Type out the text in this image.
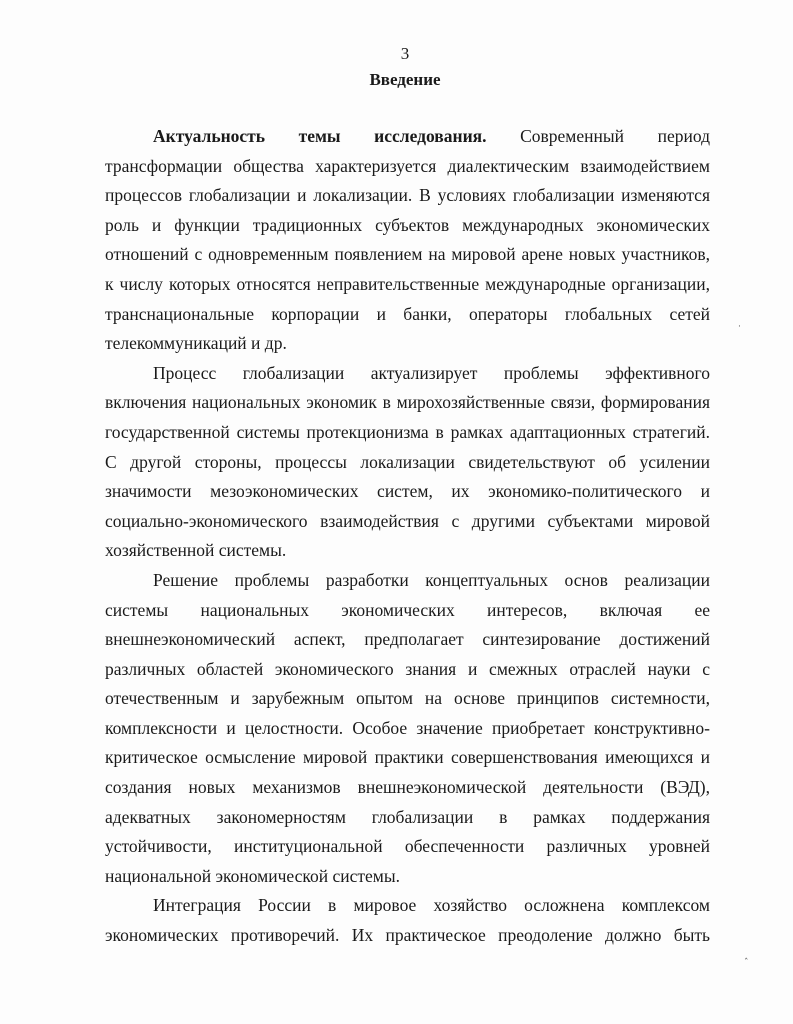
3
Введение

Актуальность темы исследования. Современный период
трансформации общества характеризуется диалектическим взаимодействием
процессов глобализации и локализации. В условиях глобализации изменяются
роль и функции традиционных субъектов международных экономических
отношений с одновременным появлением на мировой арене новых участников,
к числу которых относятся неправительственные международные организации,
транснациональные корпорации и банки, операторы глобальных сетей
телекоммуникаций и др.

Процесс глобализации актуализирует проблемы эффективного
включения национальных экономик в мирохозяйственные связи, формирования
государственной системы протекционизма в рамках адаптационных стратегий.
С другой стороны, процессы локализации свидетельствуют об усилении
значимости мезоэкономических систем, их экономико-политического и
социально-экономического взаимодействия с другими субъектами мировой
хозяйственной системы.

Решение проблемы разработки концептуальных основ реализации
системы национальных экономических интересов, включая ее
внешнеэкономический аспект, предполагает синтезирование достижений
различных областей экономического знания и смежных отраслей науки с
отечественным и зарубежным опытом на основе принципов системности,
комплексности и целостности. Особое значение приобретает конструктивно-
критическое осмысление мировой практики совершенствования имеющихся и
создания новых механизмов внешнеэкономической деятельности (ВЭД),
адекватных закономерностям глобализации в рамках поддержания
устойчивости, институциональной обеспеченности различных уровней
национальной экономической системы.

Интеграция России в мировое хозяйство осложнена комплексом
экономических противоречий. Их практическое преодоление должно быть

·
ˆ
